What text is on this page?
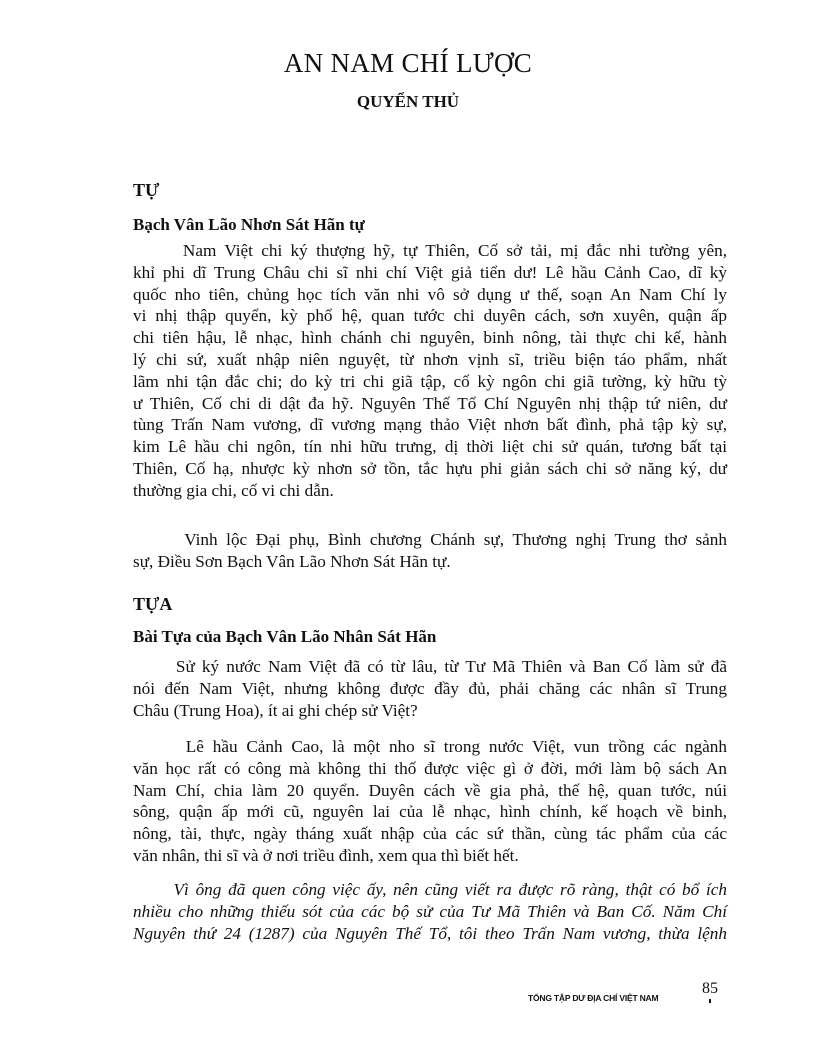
AN NAM CHÍ LƯỢC
QUYỂN THỦ
TỰ
Bạch Vân Lão Nhơn Sát Hãn tự
Nam Việt chi ký thượng hỹ, tự Thiên, Cố sở tải, mị đắc nhi tường yên,
khỉ phi dĩ Trung Châu chi sĩ nhi chí Việt giả tiển dư! Lê hầu Cảnh Cao, dĩ kỳ
quốc nho tiên, chủng học tích văn nhi vô sở dụng ư thế, soạn An Nam Chí ly
vi nhị thập quyển, kỳ phổ hệ, quan tước chi duyên cách, sơn xuyên, quận ấp
chi tiên hậu, lễ nhạc, hình chánh chi nguyên, binh nông, tài thực chi kế, hành
lý chi sứ, xuất nhập niên nguyệt, từ nhơn vịnh sĩ, triều biện táo phẩm, nhất
lãm nhi tận đắc chi; do kỳ tri chi giã tập, cố kỳ ngôn chi giã tường, kỳ hữu tỳ
ư Thiên, Cố chi di dật đa hỹ. Nguyên Thế Tổ Chí Nguyên nhị thập tứ niên, dư
tùng Trấn Nam vương, dĩ vương mạng thảo Việt nhơn bất đình, phả tập kỳ sự,
kim Lê hầu chi ngôn, tín nhi hữu trưng, dị thời liệt chi sử quán, tương bất tại
Thiên, Cố hạ, nhược kỳ nhơn sở tồn, tắc hựu phi giản sách chi sở năng ký, dư
thường gia chi, cố vi chi dẫn.
Vinh lộc Đại phụ, Bình chương Chánh sự, Thương nghị Trung thơ sảnh
sự, Điều Sơn Bạch Vân Lão Nhơn Sát Hãn tự.
TỰA
Bài Tựa của Bạch Vân Lão Nhân Sát Hãn
Sử ký nước Nam Việt đã có từ lâu, từ Tư Mã Thiên và Ban Cố làm sử đã
nói đến Nam Việt, nhưng không được đầy đủ, phải chăng các nhân sĩ Trung
Châu (Trung Hoa), ít ai ghi chép sử Việt?
Lê hầu Cảnh Cao, là một nho sĩ trong nước Việt, vun trồng các ngành
văn học rất có công mà không thi thố được việc gì ở đời, mới làm bộ sách An
Nam Chí, chia làm 20 quyển. Duyên cách về gia phả, thế hệ, quan tước, núi
sông, quận ấp mới cũ, nguyên lai của lễ nhạc, hình chính, kế hoạch về binh,
nông, tài, thực, ngày tháng xuất nhập của các sứ thần, cùng tác phẩm của các
văn nhân, thi sĩ và ở nơi triều đình, xem qua thì biết hết.
Vì ông đã quen công việc ấy, nên cũng viết ra được rõ ràng, thật có bổ ích
nhiều cho những thiếu sót của các bộ sử của Tư Mã Thiên và Ban Cố. Năm Chí
Nguyên thứ 24 (1287) của Nguyên Thế Tổ, tôi theo Trấn Nam vương, thừa lệnh
TỔNG TẬP DƯ ĐỊA CHÍ VIỆT NAM
85
